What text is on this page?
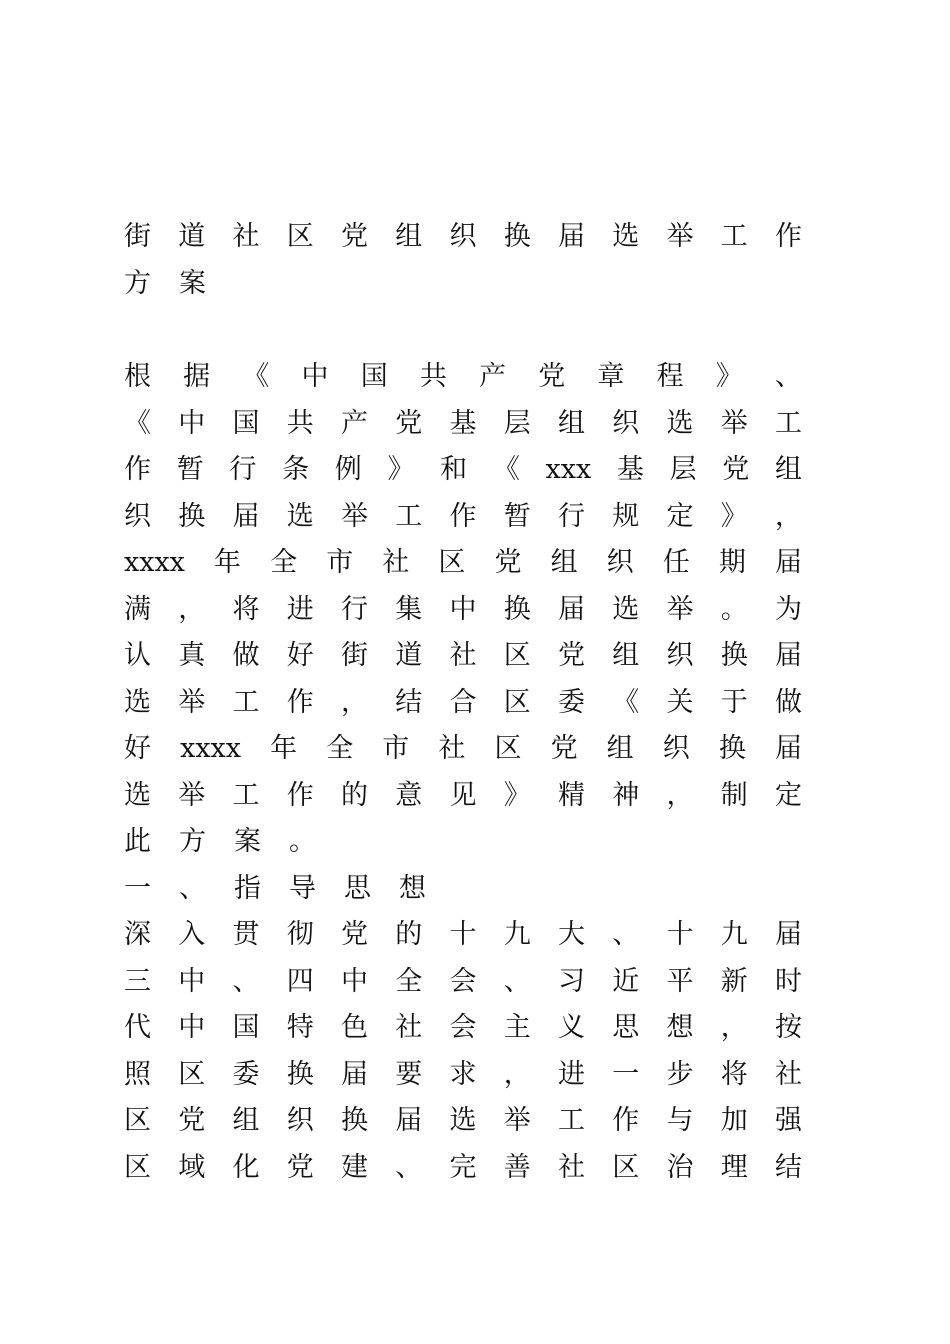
街 道 社 区 党 组 织 换 届 选 举 工 作
方 案
根 据 《 中 国 共 产 党 章 程 》 、
《 中 国 共 产 党 基 层 组 织 选 举 工
作 暂 行 条 例 》 和 《 xxx 基 层 党 组
织 换 届 选 举 工 作 暂 行 规 定 》 ，
xxxx 年 全 市 社 区 党 组 织 任 期 届
满 ， 将 进 行 集 中 换 届 选 举 。 为
认 真 做 好 街 道 社 区 党 组 织 换 届
选 举 工 作 ， 结 合 区 委 《 关 于 做
好 xxxx 年 全 市 社 区 党 组 织 换 届
选 举 工 作 的 意 见 》 精 神 ， 制 定
此 方 案 。
一 、 指 导 思 想
深 入 贯 彻 党 的 十 九 大 、 十 九 届
三 中 、 四 中 全 会 、 习 近 平 新 时
代 中 国 特 色 社 会 主 义 思 想 ， 按
照 区 委 换 届 要 求 ， 进 一 步 将 社
区 党 组 织 换 届 选 举 工 作 与 加 强
区 域 化 党 建 、 完 善 社 区 治 理 结
